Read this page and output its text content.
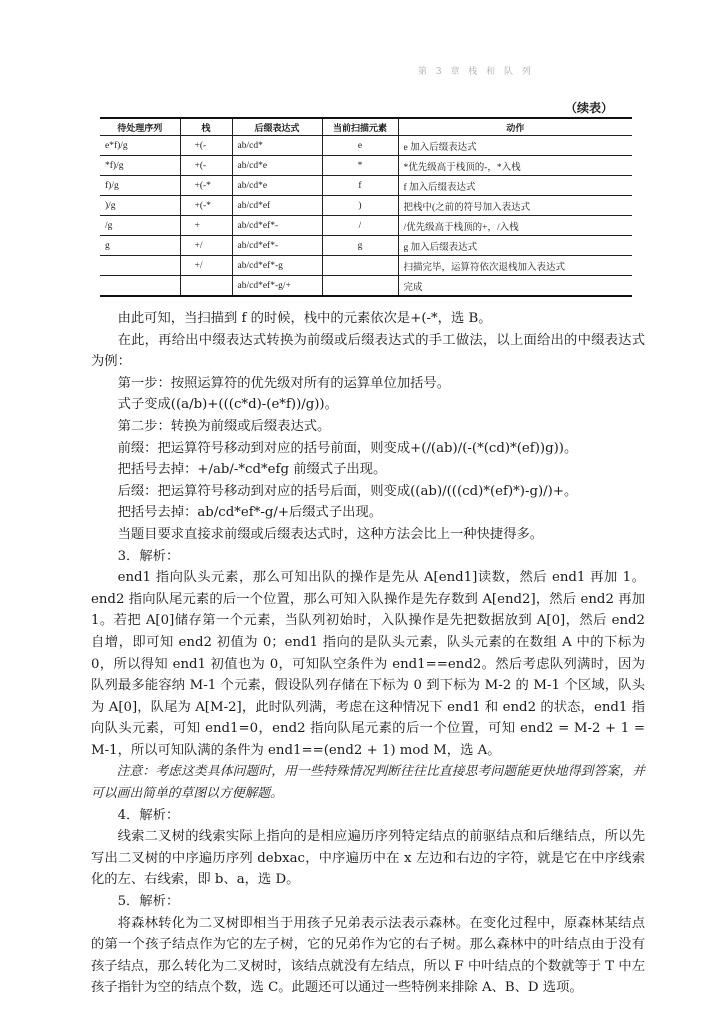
第 3 章 栈 和 队 列
（续表）
待处理序列	栈	后缀表达式	当前扫描元素	动作
e*f)/g	+(-	ab/cd*	e	e 加入后缀表达式
*f)/g	+(-	ab/cd*e	*	*优先级高于栈顶的-，*入栈
f)/g	+(-*	ab/cd*e	f	f 加入后缀表达式
)/g	+(-*	ab/cd*ef	)	把栈中(之前的符号加入表达式
/g	+	ab/cd*ef*-	/	/优先级高于栈顶的+，/入栈
g	+/	ab/cd*ef*-	g	g 加入后缀表达式
	+/	ab/cd*ef*-g		扫描完毕，运算符依次退栈加入表达式
		ab/cd*ef*-g/+		完成

由此可知，当扫描到 f 的时候，栈中的元素依次是+(-*，选 B。

在此，再给出中缀表达式转换为前缀或后缀表达式的手工做法，以上面给出的中缀表达式为例：

第一步：按照运算符的优先级对所有的运算单位加括号。

式子变成((a/b)+(((c*d)-(e*f))/g))。

第二步：转换为前缀或后缀表达式。

前缀：把运算符号移动到对应的括号前面，则变成+(/(ab)/(-(*(cd)*(ef))g))。

把括号去掉：+/ab/-*cd*efg 前缀式子出现。

后缀：把运算符号移动到对应的括号后面，则变成((ab)/(((cd)*(ef)*)-g)/)+。

把括号去掉：ab/cd*ef*-g/+后缀式子出现。

当题目要求直接求前缀或后缀表达式时，这种方法会比上一种快捷得多。

3．解析：

end1 指向队头元素，那么可知出队的操作是先从 A[end1]读数，然后 end1 再加 1。end2 指向队尾元素的后一个位置，那么可知入队操作是先存数到 A[end2]，然后 end2 再加 1。若把 A[0]储存第一个元素，当队列初始时，入队操作是先把数据放到 A[0]，然后 end2 自增，即可知 end2 初值为 0；end1 指向的是队头元素，队头元素的在数组 A 中的下标为 0，所以得知 end1 初值也为 0，可知队空条件为 end1==end2。然后考虑队列满时，因为队列最多能容纳 M-1 个元素，假设队列存储在下标为 0 到下标为 M-2 的 M-1 个区域，队头为 A[0]，队尾为 A[M-2]，此时队列满，考虑在这种情况下 end1 和 end2 的状态，end1 指向队头元素，可知 end1=0，end2 指向队尾元素的后一个位置，可知 end2 = M-2 + 1 = M-1，所以可知队满的条件为 end1==(end2 + 1) mod M，选 A。

注意：考虑这类具体问题时，用一些特殊情况判断往往比直接思考问题能更快地得到答案，并可以画出简单的草图以方便解题。

4．解析：

线索二叉树的线索实际上指向的是相应遍历序列特定结点的前驱结点和后继结点，所以先写出二叉树的中序遍历序列 debxac，中序遍历中在 x 左边和右边的字符，就是它在中序线索化的左、右线索，即 b、a，选 D。

5．解析：

将森林转化为二叉树即相当于用孩子兄弟表示法表示森林。在变化过程中，原森林某结点的第一个孩子结点作为它的左子树，它的兄弟作为它的右子树。那么森林中的叶结点由于没有孩子结点，那么转化为二叉树时，该结点就没有左结点，所以 F 中叶结点的个数就等于 T 中左孩子指针为空的结点个数，选 C。此题还可以通过一些特例来排除 A、B、D 选项。
